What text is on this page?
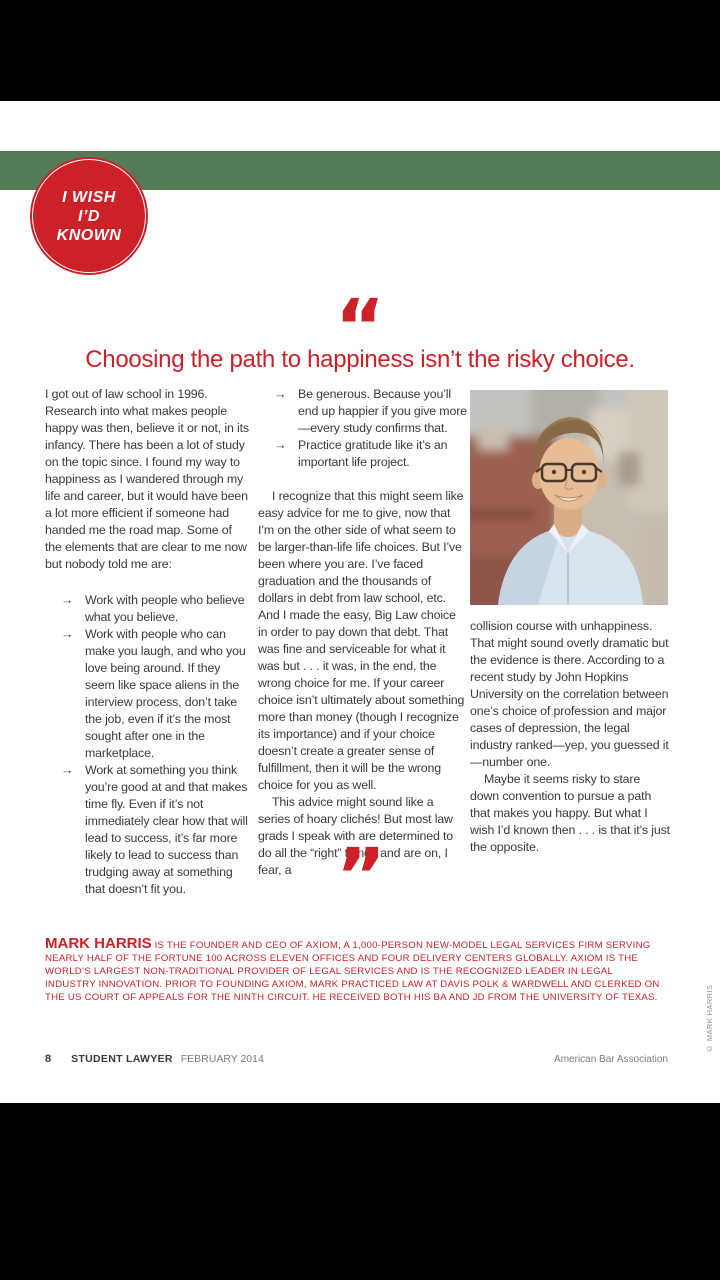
I WISH
I’D
KNOWN
“
Choosing the path to happiness isn’t the risky choice.

I got out of law school in 1996. Research into what makes people happy was then, believe it or not, in its infancy. There has been a lot of study on the topic since. I found my way to happiness as I wandered through my life and career, but it would have been a lot more efficient if someone had handed me the road map. Some of the elements that are clear to me now but nobody told me are:

→ Work with people who believe what you believe.
→ Work with people who can make you laugh, and who you love being around. If they seem like space aliens in the interview process, don’t take the job, even if it’s the most sought after one in the marketplace.
→ Work at something you think you’re good at and that makes time fly. Even if it’s not immediately clear how that will lead to success, it’s far more likely to lead to success than trudging away at something that doesn’t fit you.
→ Be generous. Because you’ll end up happier if you give more—every study confirms that.
→ Practice gratitude like it’s an important life project.

I recognize that this might seem like easy advice for me to give, now that I’m on the other side of what seem to be larger-than-life life choices. But I’ve been where you are. I’ve faced graduation and the thousands of dollars in debt from law school, etc. And I made the easy, Big Law choice in order to pay down that debt. That was fine and serviceable for what it was but . . . it was, in the end, the wrong choice for me. If your career choice isn’t ultimately about something more than money (though I recognize its importance) and if your choice doesn’t create a greater sense of fulfillment, then it will be the wrong choice for you as well.

This advice might sound like a series of hoary clichés! But most law grads I speak with are determined to do all the “right” things and are on, I fear, a

collision course with unhappiness. That might sound overly dramatic but the evidence is there. According to a recent study by John Hopkins University on the correlation between one’s choice of profession and major cases of depression, the legal industry ranked—yep, you guessed it—number one.

Maybe it seems risky to stare down convention to pursue a path that makes you happy. But what I wish I’d known then . . . is that it’s just the opposite.

”

MARK HARRIS IS THE FOUNDER AND CEO OF AXIOM, A 1,000-PERSON NEW-MODEL LEGAL SERVICES FIRM SERVING NEARLY HALF OF THE FORTUNE 100 ACROSS ELEVEN OFFICES AND FOUR DELIVERY CENTERS GLOBALLY. AXIOM IS THE WORLD’S LARGEST NON-TRADITIONAL PROVIDER OF LEGAL SERVICES AND IS THE RECOGNIZED LEADER IN LEGAL INDUSTRY INNOVATION. PRIOR TO FOUNDING AXIOM, MARK PRACTICED LAW AT DAVIS POLK & WARDWELL AND CLERKED ON THE US COURT OF APPEALS FOR THE NINTH CIRCUIT. HE RECEIVED BOTH HIS BA AND JD FROM THE UNIVERSITY OF TEXAS.

8 STUDENT LAWYER FEBRUARY 2014	American Bar Association
© MARK HARRIS
